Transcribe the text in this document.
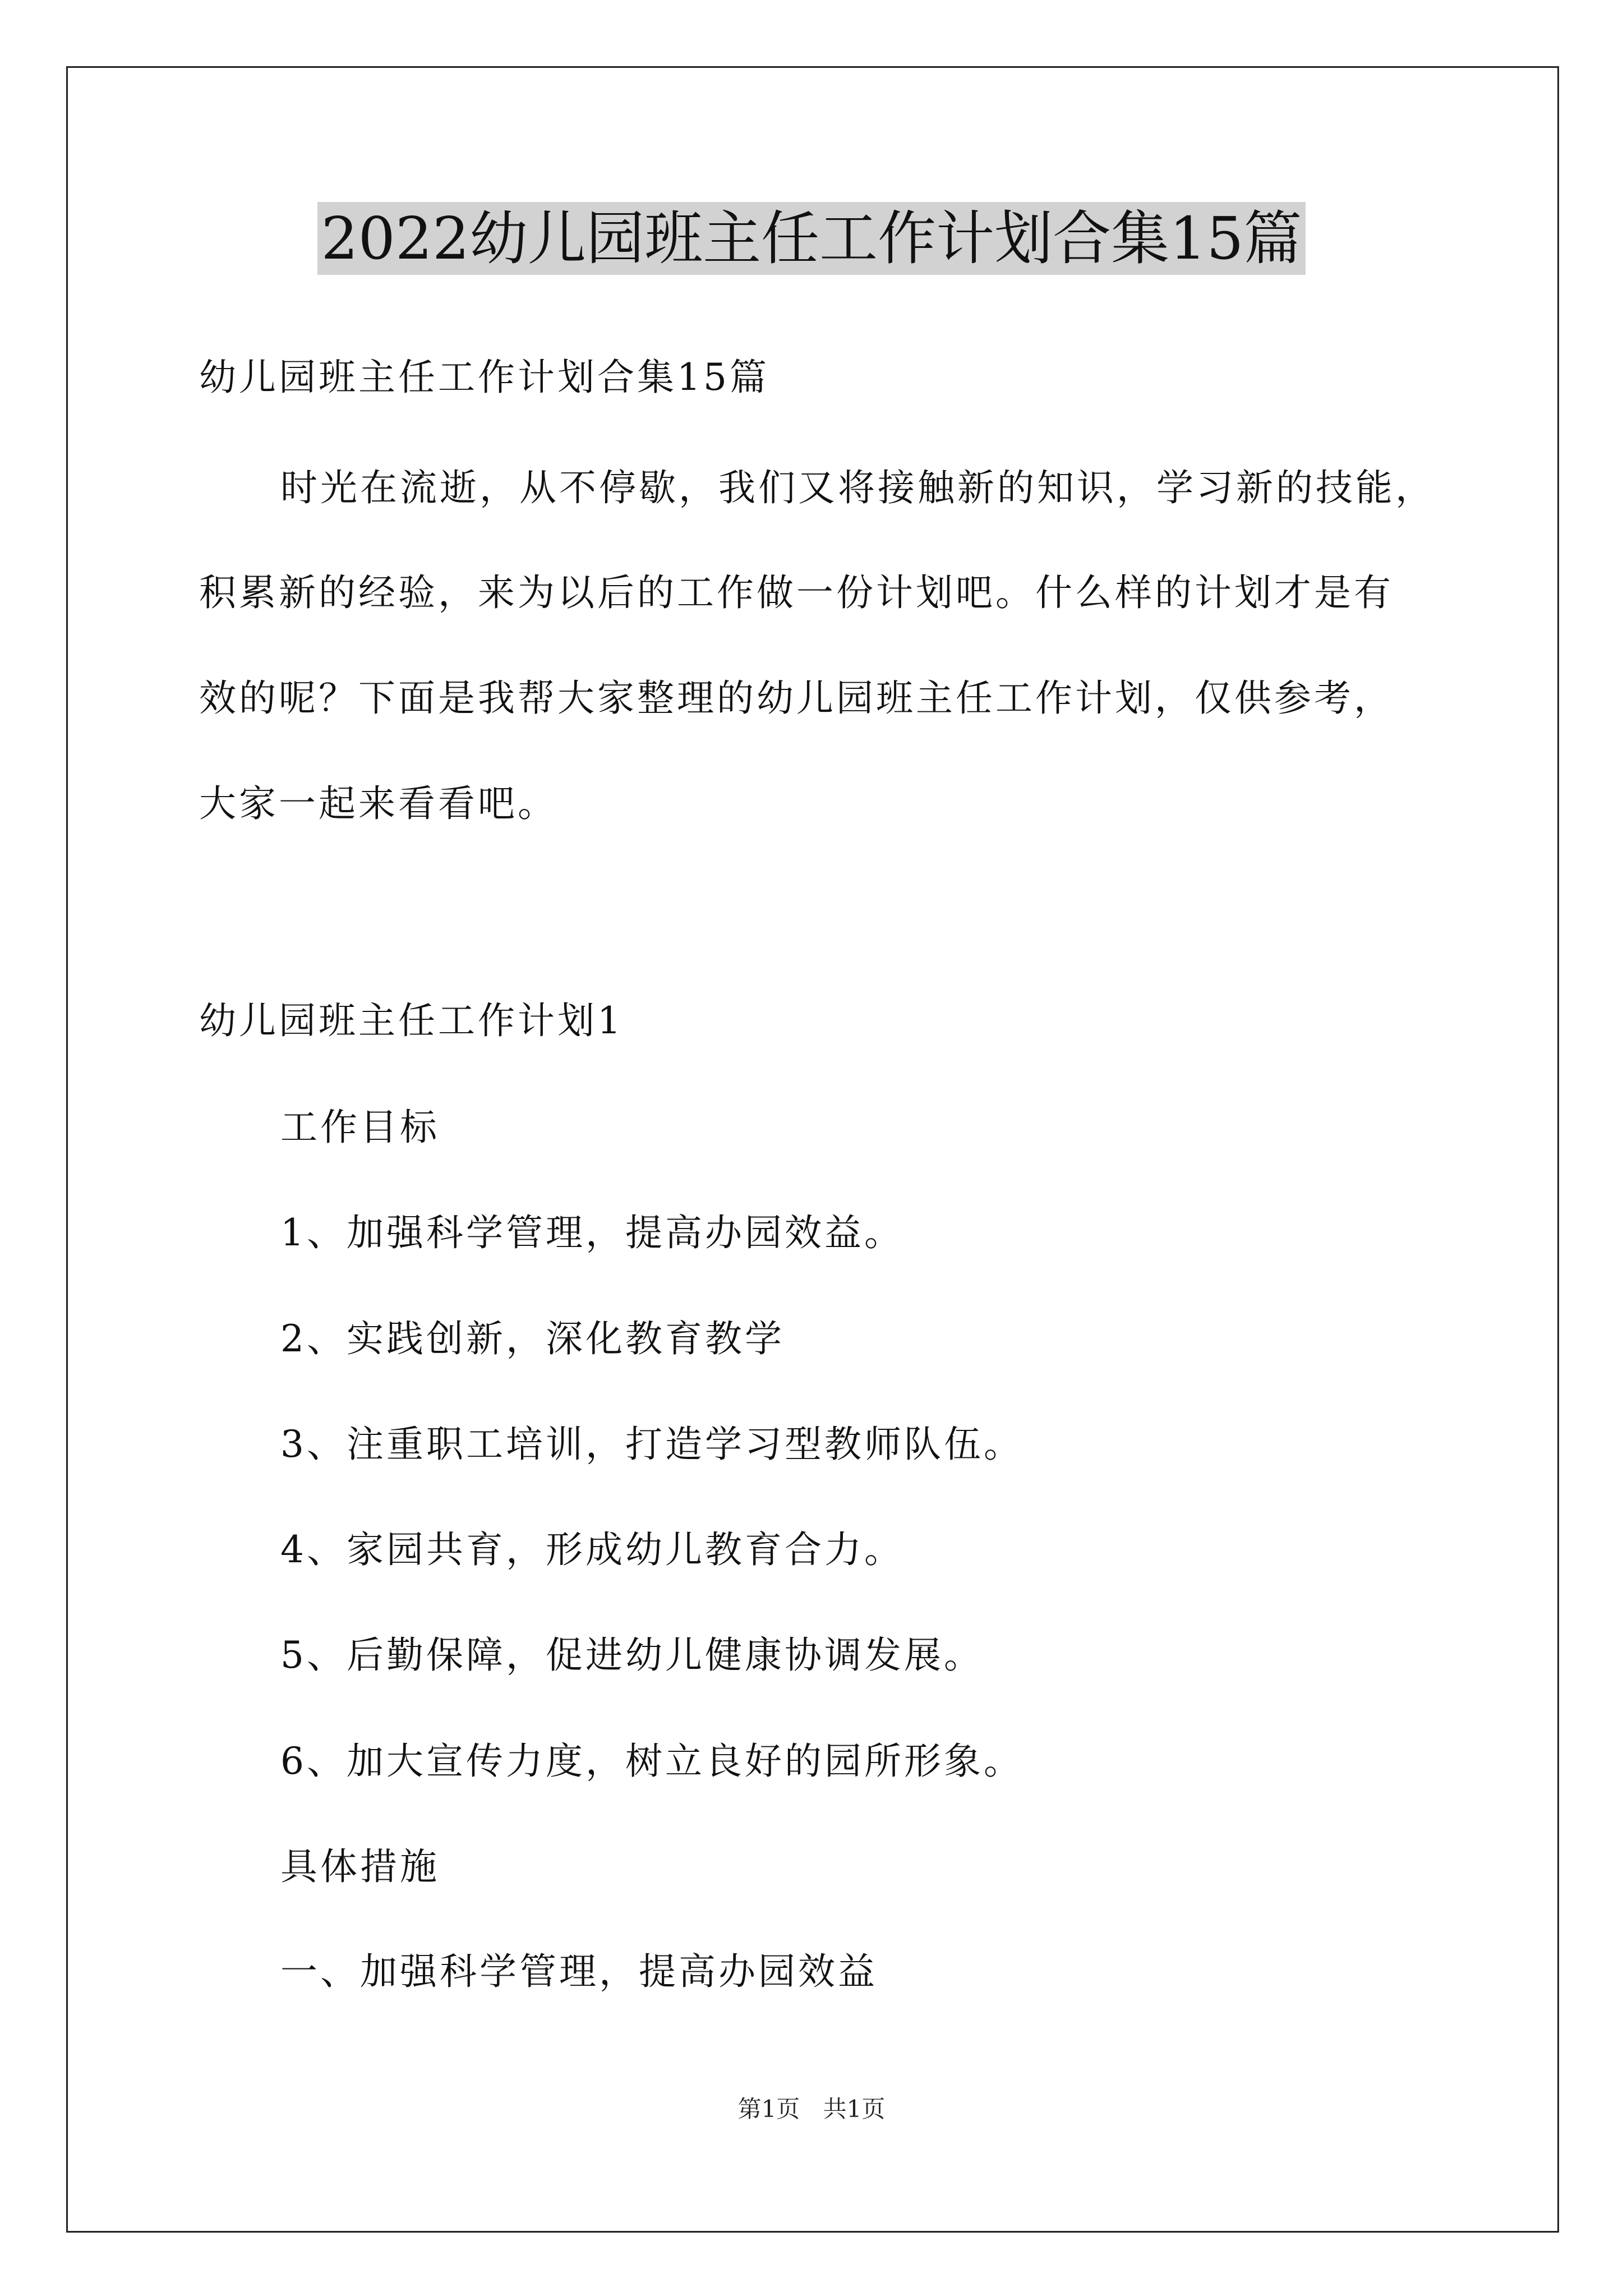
2022幼儿园班主任工作计划合集15篇
幼儿园班主任工作计划合集15篇
时光在流逝，从不停歇，我们又将接触新的知识，学习新的技能，
积累新的经验，来为以后的工作做一份计划吧。什么样的计划才是有
效的呢？下面是我帮大家整理的幼儿园班主任工作计划，仅供参考，
大家一起来看看吧。
幼儿园班主任工作计划1
工作目标
1、加强科学管理，提高办园效益。
2、实践创新，深化教育教学
3、注重职工培训，打造学习型教师队伍。
4、家园共育，形成幼儿教育合力。
5、后勤保障，促进幼儿健康协调发展。
6、加大宣传力度，树立良好的园所形象。
具体措施
一、加强科学管理，提高办园效益
第1页 共1页
